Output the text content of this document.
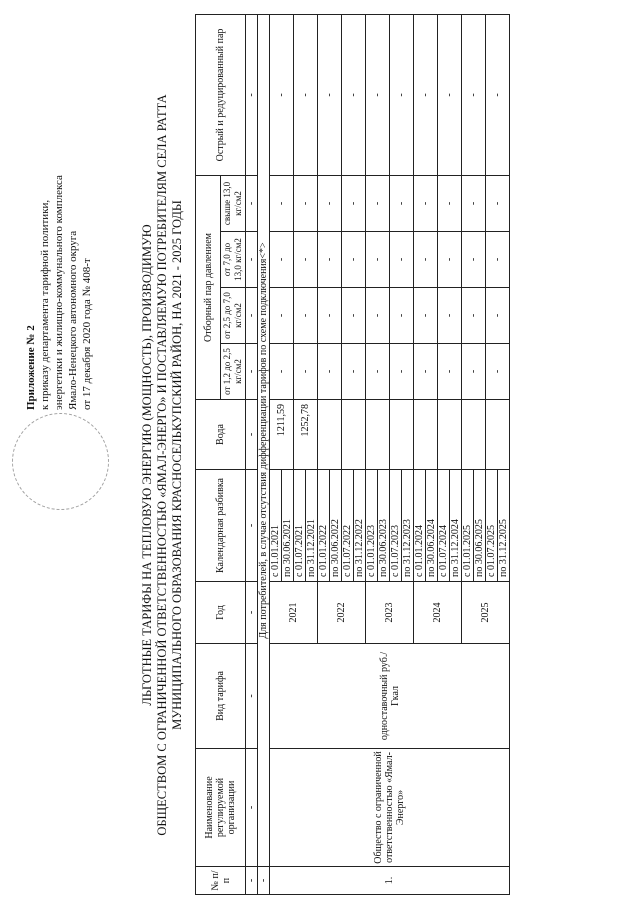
Приложение № 2 к приказу департамента тарифной политики, энергетики и жилищно-коммунального комплекса Ямало-Ненецкого автономного округа от 17 декабря 2020 года № 408-т	ЛЬГОТНЫЕ ТАРИФЫ НА ТЕПЛОВУЮ ЭНЕРГИЮ (МОЩНОСТЬ), ПРОИЗВОДИМУЮ ОБЩЕСТВОМ С ОГРАНИЧЕННОЙ ОТВЕТСТВЕННОСТЬЮ «ЯМАЛ-ЭНЕРГО» И ПОСТАВЛЯЕМУЮ ПОТРЕБИТЕЛЯМ СЕЛА РАТТА МУНИЦИПАЛЬНОГО ОБРАЗОВАНИЯ КРАСНОСЕЛЬКУПСКИЙ РАЙОН, НА 2021 - 2025 ГОДЫ
№ п/п	Наименование регулируемой организации	Вид тарифа	Год	Календарная разбивка	Вода	Отборный пар давлением				Острый и редуцированный пар
						от 1,2 до 2,5 кг/см2	от 2,5 до 7,0 кг/см2	от 7,0 до 13,0 кг/см2	свыше 13,0 кг/см2	
-	-	-	-	-	-	-	-	-	-	-
-	Для потребителей, в случае отсутствия дифференциации тарифов по схеме подключения<*>									
1.	Общество с ограниченной ответственностью «Ямал-Энерго»	одноставочный руб./Гкал	2021	с 01.01.2021	1211,59	-	-	-	-	-
				по 30.06.2021						
				с 01.07.2021	1252,78	-	-	-	-	-
				по 31.12.2021						
			2022	с 01.01.2022		-	-	-	-	-
				по 30.06.2022						
				с 01.07.2022		-	-	-	-	-
				по 31.12.2022						
			2023	с 01.01.2023		-	-	-	-	-
				по 30.06.2023						
				с 01.07.2023		-	-	-	-	-
				по 31.12.2023						
			2024	с 01.01.2024		-	-	-	-	-
				по 30.06.2024						
				с 01.07.2024		-	-	-	-	-
				по 31.12.2024						
			2025	с 01.01.2025		-	-	-	-	-
				по 30.06.2025						
				с 01.07.2025		-	-	-	-	-
				по 31.12.2025						
